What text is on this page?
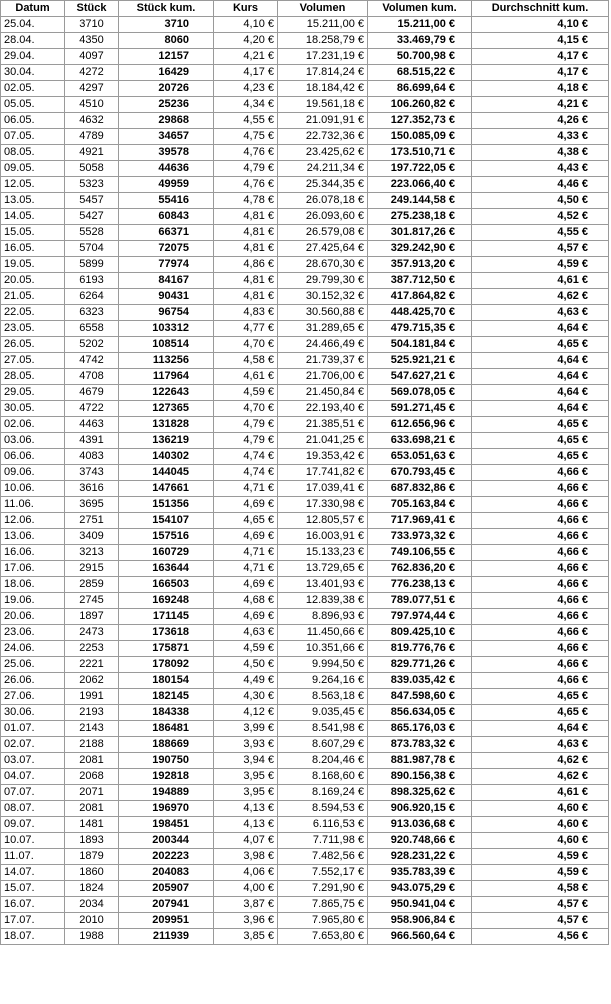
Datum	Stück	Stück kum.	Kurs	Volumen	Volumen kum.	Durchschnitt kum.
25.04.	3710	3710	4,10 €	15.211,00 €	15.211,00 €	4,10 €
28.04.	4350	8060	4,20 €	18.258,79 €	33.469,79 €	4,15 €
29.04.	4097	12157	4,21 €	17.231,19 €	50.700,98 €	4,17 €
30.04.	4272	16429	4,17 €	17.814,24 €	68.515,22 €	4,17 €
02.05.	4297	20726	4,23 €	18.184,42 €	86.699,64 €	4,18 €
05.05.	4510	25236	4,34 €	19.561,18 €	106.260,82 €	4,21 €
06.05.	4632	29868	4,55 €	21.091,91 €	127.352,73 €	4,26 €
07.05.	4789	34657	4,75 €	22.732,36 €	150.085,09 €	4,33 €
08.05.	4921	39578	4,76 €	23.425,62 €	173.510,71 €	4,38 €
09.05.	5058	44636	4,79 €	24.211,34 €	197.722,05 €	4,43 €
12.05.	5323	49959	4,76 €	25.344,35 €	223.066,40 €	4,46 €
13.05.	5457	55416	4,78 €	26.078,18 €	249.144,58 €	4,50 €
14.05.	5427	60843	4,81 €	26.093,60 €	275.238,18 €	4,52 €
15.05.	5528	66371	4,81 €	26.579,08 €	301.817,26 €	4,55 €
16.05.	5704	72075	4,81 €	27.425,64 €	329.242,90 €	4,57 €
19.05.	5899	77974	4,86 €	28.670,30 €	357.913,20 €	4,59 €
20.05.	6193	84167	4,81 €	29.799,30 €	387.712,50 €	4,61 €
21.05.	6264	90431	4,81 €	30.152,32 €	417.864,82 €	4,62 €
22.05.	6323	96754	4,83 €	30.560,88 €	448.425,70 €	4,63 €
23.05.	6558	103312	4,77 €	31.289,65 €	479.715,35 €	4,64 €
26.05.	5202	108514	4,70 €	24.466,49 €	504.181,84 €	4,65 €
27.05.	4742	113256	4,58 €	21.739,37 €	525.921,21 €	4,64 €
28.05.	4708	117964	4,61 €	21.706,00 €	547.627,21 €	4,64 €
29.05.	4679	122643	4,59 €	21.450,84 €	569.078,05 €	4,64 €
30.05.	4722	127365	4,70 €	22.193,40 €	591.271,45 €	4,64 €
02.06.	4463	131828	4,79 €	21.385,51 €	612.656,96 €	4,65 €
03.06.	4391	136219	4,79 €	21.041,25 €	633.698,21 €	4,65 €
06.06.	4083	140302	4,74 €	19.353,42 €	653.051,63 €	4,65 €
09.06.	3743	144045	4,74 €	17.741,82 €	670.793,45 €	4,66 €
10.06.	3616	147661	4,71 €	17.039,41 €	687.832,86 €	4,66 €
11.06.	3695	151356	4,69 €	17.330,98 €	705.163,84 €	4,66 €
12.06.	2751	154107	4,65 €	12.805,57 €	717.969,41 €	4,66 €
13.06.	3409	157516	4,69 €	16.003,91 €	733.973,32 €	4,66 €
16.06.	3213	160729	4,71 €	15.133,23 €	749.106,55 €	4,66 €
17.06.	2915	163644	4,71 €	13.729,65 €	762.836,20 €	4,66 €
18.06.	2859	166503	4,69 €	13.401,93 €	776.238,13 €	4,66 €
19.06.	2745	169248	4,68 €	12.839,38 €	789.077,51 €	4,66 €
20.06.	1897	171145	4,69 €	8.896,93 €	797.974,44 €	4,66 €
23.06.	2473	173618	4,63 €	11.450,66 €	809.425,10 €	4,66 €
24.06.	2253	175871	4,59 €	10.351,66 €	819.776,76 €	4,66 €
25.06.	2221	178092	4,50 €	9.994,50 €	829.771,26 €	4,66 €
26.06.	2062	180154	4,49 €	9.264,16 €	839.035,42 €	4,66 €
27.06.	1991	182145	4,30 €	8.563,18 €	847.598,60 €	4,65 €
30.06.	2193	184338	4,12 €	9.035,45 €	856.634,05 €	4,65 €
01.07.	2143	186481	3,99 €	8.541,98 €	865.176,03 €	4,64 €
02.07.	2188	188669	3,93 €	8.607,29 €	873.783,32 €	4,63 €
03.07.	2081	190750	3,94 €	8.204,46 €	881.987,78 €	4,62 €
04.07.	2068	192818	3,95 €	8.168,60 €	890.156,38 €	4,62 €
07.07.	2071	194889	3,95 €	8.169,24 €	898.325,62 €	4,61 €
08.07.	2081	196970	4,13 €	8.594,53 €	906.920,15 €	4,60 €
09.07.	1481	198451	4,13 €	6.116,53 €	913.036,68 €	4,60 €
10.07.	1893	200344	4,07 €	7.711,98 €	920.748,66 €	4,60 €
11.07.	1879	202223	3,98 €	7.482,56 €	928.231,22 €	4,59 €
14.07.	1860	204083	4,06 €	7.552,17 €	935.783,39 €	4,59 €
15.07.	1824	205907	4,00 €	7.291,90 €	943.075,29 €	4,58 €
16.07.	2034	207941	3,87 €	7.865,75 €	950.941,04 €	4,57 €
17.07.	2010	209951	3,96 €	7.965,80 €	958.906,84 €	4,57 €
18.07.	1988	211939	3,85 €	7.653,80 €	966.560,64 €	4,56 €
